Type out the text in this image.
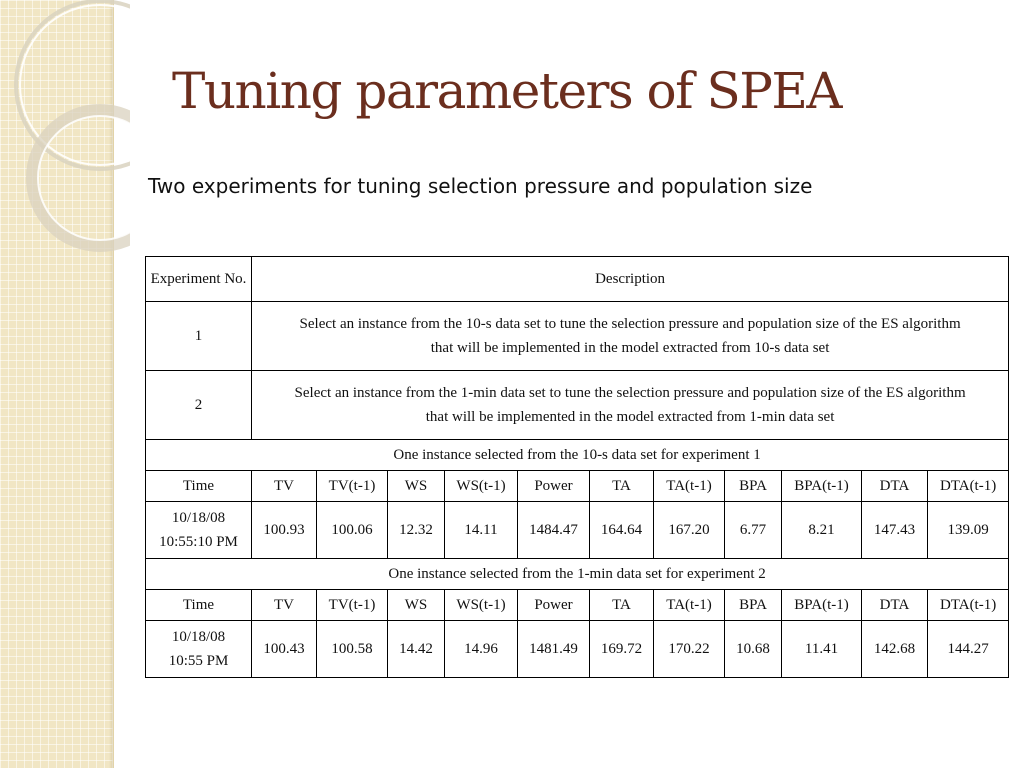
Tuning parameters of SPEA

Two experiments for tuning selection pressure and population size

Experiment No.	Description										
1	Select an instance from the 10-s data set to tune the selection pressure and population size of the ES algorithm
that will be implemented in the model extracted from 10-s data set										

2	Select an instance from the 1-min data set to tune the selection pressure and population size of the ES algorithm
that will be implemented in the model extracted from 1-min data set										

One instance selected from the 10-s data set for experiment 1											
Time	TV	TV(t-1)	WS	WS(t-1)	Power	TA	TA(t-1)	BPA	BPA(t-1)	DTA	DTA(t-1)

10/18/08
10:55:10 PM	100.93	100.06	12.32	14.11	1484.47	164.64	167.20	6.77	8.21	147.43	139.09
One instance selected from the 1-min data set for experiment 2											
Time	TV	TV(t-1)	WS	WS(t-1)	Power	TA	TA(t-1)	BPA	BPA(t-1)	DTA	DTA(t-1)

10/18/08
10:55 PM	100.43	100.58	14.42	14.96	1481.49	169.72	170.22	10.68	11.41	142.68	144.27
